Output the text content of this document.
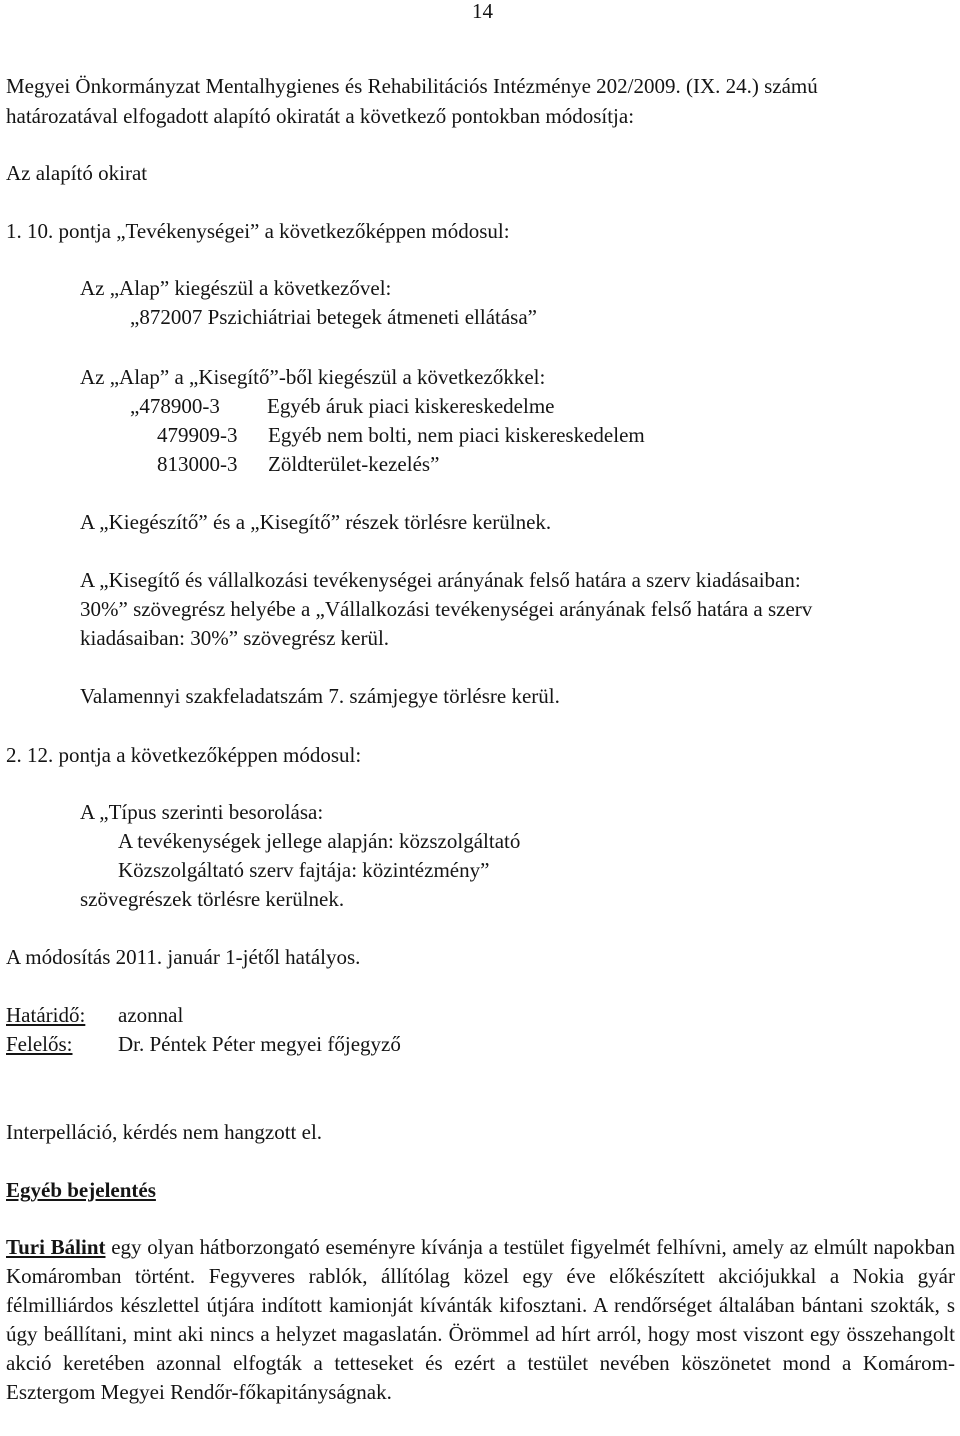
14
Megyei Önkormányzat Mentalhygienes és Rehabilitációs Intézménye 202/2009. (IX. 24.) számú
határozatával elfogadott alapító okiratát a következő pontokban módosítja:
Az alapító okirat
1. 10. pontja „Tevékenységei” a következőképpen módosul:
Az „Alap” kiegészül a következővel:
„872007 Pszichiátriai betegek átmeneti ellátása”
Az „Alap” a „Kisegítő”-ből kiegészül a következőkkel:
„478900-3 Egyéb áruk piaci kiskereskedelme
479909-3 Egyéb nem bolti, nem piaci kiskereskedelem
813000-3 Zöldterület-kezelés”
A „Kiegészítő” és a „Kisegítő” részek törlésre kerülnek.
A „Kisegítő és vállalkozási tevékenységei arányának felső határa a szerv kiadásaiban:
30%” szövegrész helyébe a „Vállalkozási tevékenységei arányának felső határa a szerv
kiadásaiban: 30%” szövegrész kerül.
Valamennyi szakfeladatszám 7. számjegye törlésre kerül.
2. 12. pontja a következőképpen módosul:
A „Típus szerinti besorolása:
A tevékenységek jellege alapján: közszolgáltató
Közszolgáltató szerv fajtája: közintézmény”
szövegrészek törlésre kerülnek.
A módosítás 2011. január 1-jétől hatályos.
Határidő: azonnal
Felelős: Dr. Péntek Péter megyei főjegyző
Interpelláció, kérdés nem hangzott el.
Egyéb bejelentés
Turi Bálint egy olyan hátborzongató eseményre kívánja a testület figyelmét felhívni, amely az elmúlt napokban Komáromban történt. Fegyveres rablók, állítólag közel egy éve előkészített akciójukkal a Nokia gyár félmilliárdos készlettel útjára indított kamionját kívánták kifosztani. A rendőrséget általában bántani szokták, s úgy beállítani, mint aki nincs a helyzet magaslatán. Örömmel ad hírt arról, hogy most viszont egy összehangolt akció keretében azonnal elfogták a tetteseket és ezért a testület nevében köszönetet mond a Komárom-Esztergom Megyei Rendőr-főkapitányságnak.
